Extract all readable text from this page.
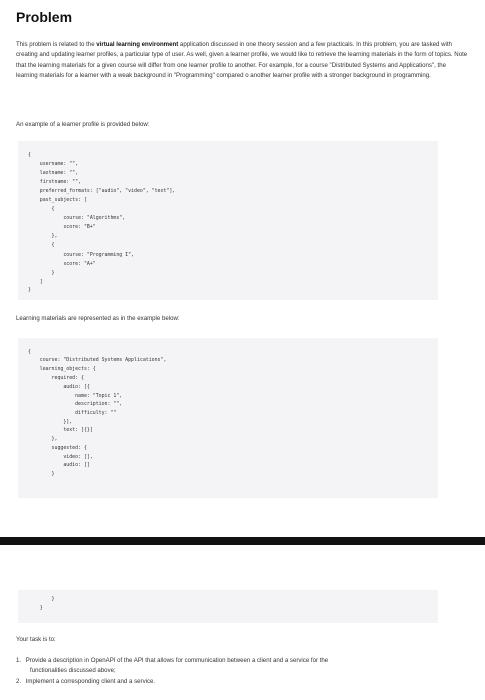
Problem
This problem is related to the virtual learning environment application discussed in one theory session and a few practicals. In this problem, you are tasked with creating and updating learner profiles, a particular type of user. As well, given a learner profile, we would like to retrieve the learning materials in the form of topics. Note that the learning materials for a given course will differ from one learner profile to another. For example, for a course "Distributed Systems and Applications", the learning materials for a learner with a weak background in "Programming" compared o another learner profile with a stronger background in programming.
An example of a learner profile is provided below:
{
username: "",
lastname: "",
firstname: "",
preferred_formats: ["audio", "video", "text"],
past_subjects: [
{
course: "Algorithms",
score: "B+"
},
{
course: "Programming I",
score: "A+"
}
]
}
Learning materials are represented as in the example below:
{
course: "Distributed Systems Applications",
learning_objects: {
required: {
audio: [{
name: "Topic 1",
description: "",
difficulty: ""
}],
text: [{}]
},
suggested: {
video: [],
audio: []
}

}
}
Your task is to:
1. Provide a description in OpenAPI of the API that allows for communication between a client and a service for the
functionalities discussed above;
2. Implement a corresponding client and a service.
